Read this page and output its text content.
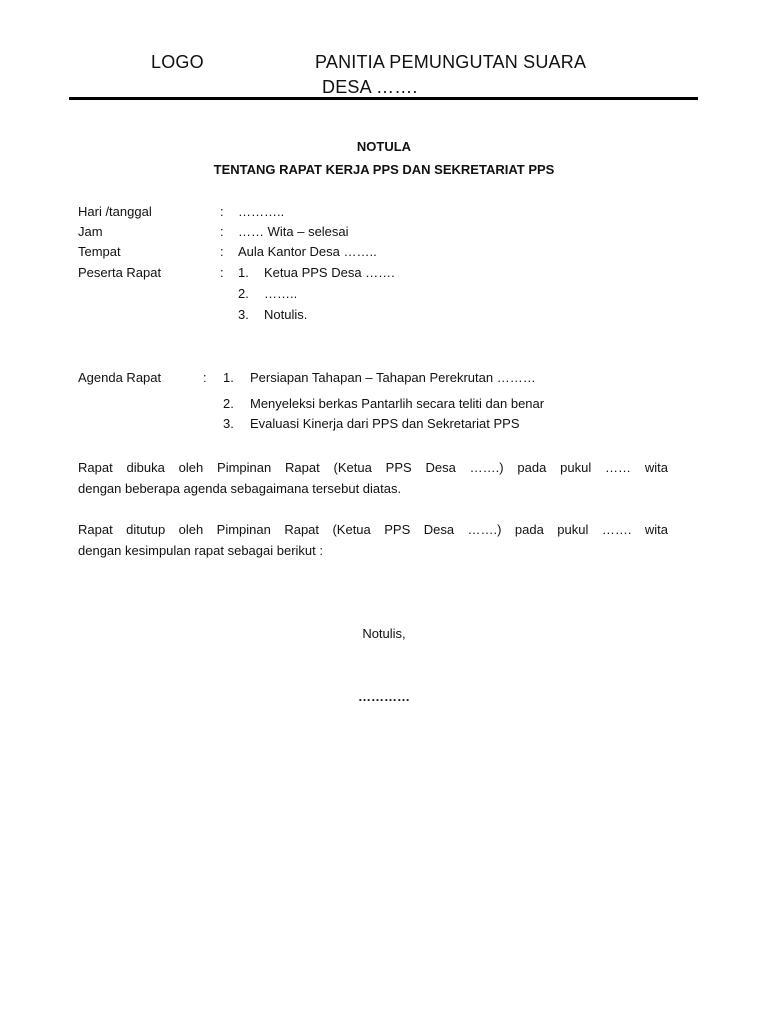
LOGO	PANITIA PEMUNGUTAN SUARA
DESA …….
NOTULA
TENTANG RAPAT KERJA PPS DAN SEKRETARIAT PPS
Hari /tanggal	: ………..
Jam	: …… Wita – selesai
Tempat	: Aula Kantor Desa ……..
Peserta Rapat	: 1. Ketua PPS Desa …….
2. ……..
3. Notulis.
Agenda Rapat	: 1. Persiapan Tahapan – Tahapan Perekrutan ………
2. Menyeleksi berkas Pantarlih secara teliti dan benar
3. Evaluasi Kinerja dari PPS dan Sekretariat PPS
Rapat dibuka oleh Pimpinan Rapat (Ketua PPS Desa …….) pada pukul …… wita
dengan beberapa agenda sebagaimana tersebut diatas.
Rapat ditutup oleh Pimpinan Rapat (Ketua PPS Desa …….) pada pukul ……. wita
dengan kesimpulan rapat sebagai berikut :
Notulis,
…………
